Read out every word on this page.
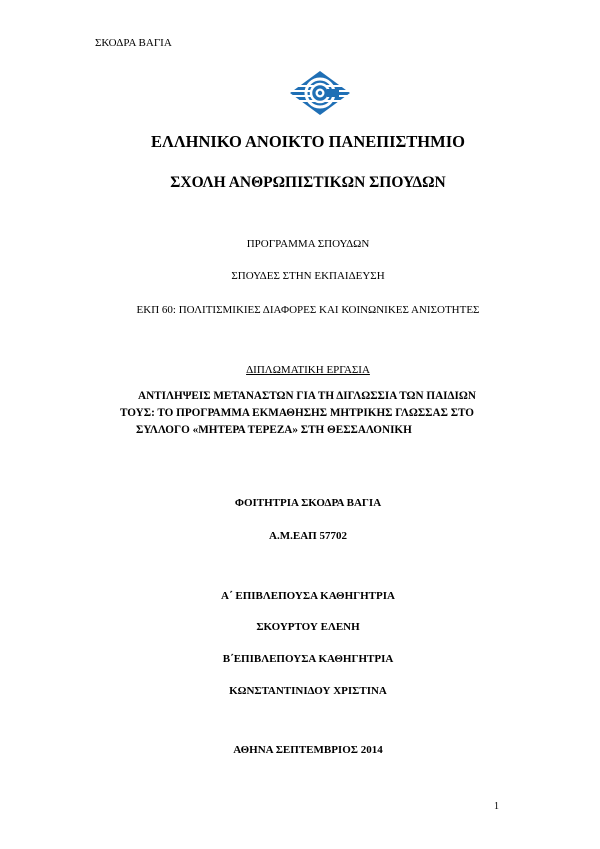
ΣΚΟΔΡΑ ΒΑΓΙΑ
ΕΛΛΗΝΙΚΟ ΑΝΟΙΚΤΟ ΠΑΝΕΠΙΣΤΗΜΙΟ
ΣΧΟΛΗ ΑΝΘΡΩΠΙΣΤΙΚΩΝ ΣΠΟΥΔΩΝ
ΠΡΟΓΡΑΜΜΑ ΣΠΟΥΔΩΝ
ΣΠΟΥΔΕΣ ΣΤΗΝ ΕΚΠΑΙΔΕΥΣΗ
ΕΚΠ 60: ΠΟΛΙΤΙΣΜΙΚΙΕΣ ΔΙΑΦΟΡΕΣ ΚΑΙ ΚΟΙΝΩΝΙΚΕΣ ΑΝΙΣΟΤΗΤΕΣ
ΔΙΠΛΩΜΑΤΙΚΗ ΕΡΓΑΣΙΑ
ΑΝΤΙΛΗΨΕΙΣ ΜΕΤΑΝΑΣΤΩΝ ΓΙΑ ΤΗ ΔΙΓΛΩΣΣΙΑ ΤΩΝ ΠΑΙΔΙΩΝ
ΤΟΥΣ: ΤΟ ΠΡΟΓΡΑΜΜΑ ΕΚΜΑΘΗΣΗΣ ΜΗΤΡΙΚΗΣ ΓΛΩΣΣΑΣ ΣΤΟ
ΣΥΛΛΟΓΟ «ΜΗΤΕΡΑ ΤΕΡΕΖΑ» ΣΤΗ ΘΕΣΣΑΛΟΝΙΚΗ
ΦΟΙΤΗΤΡΙΑ ΣΚΟΔΡΑ ΒΑΓΙΑ
Α.Μ.ΕΑΠ 57702
Α΄ ΕΠΙΒΛΕΠΟΥΣΑ ΚΑΘΗΓΗΤΡΙΑ
ΣΚΟΥΡΤΟΥ ΕΛΕΝΗ
Β΄ΕΠΙΒΛΕΠΟΥΣΑ ΚΑΘΗΓΗΤΡΙΑ
ΚΩΝΣΤΑΝΤΙΝΙΔΟΥ ΧΡΙΣΤΙΝΑ
ΑΘΗΝΑ ΣΕΠΤΕΜΒΡΙΟΣ 2014
1
